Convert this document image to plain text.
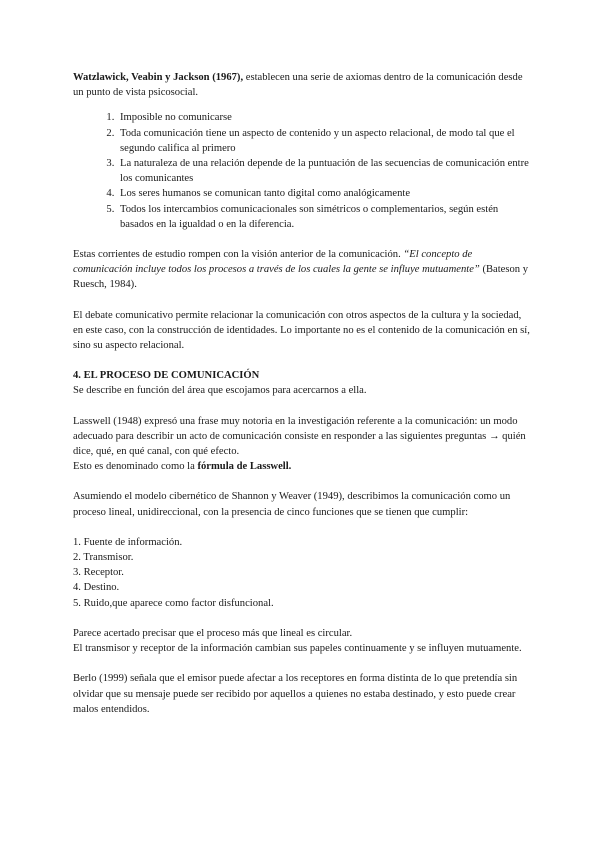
Watzlawick, Veabin y Jackson (1967), establecen una serie de axiomas dentro de la comunicación desde un punto de vista psicosocial.

1. Imposible no comunicarse
2. Toda comunicación tiene un aspecto de contenido y un aspecto relacional, de modo tal que el segundo califica al primero
3. La naturaleza de una relación depende de la puntuación de las secuencias de comunicación entre los comunicantes
4. Los seres humanos se comunican tanto digital como analógicamente
5. Todos los intercambios comunicacionales son simétricos o complementarios, según estén basados en la igualdad o en la diferencia.

Estas corrientes de estudio rompen con la visión anterior de la comunicación. “El concepto de comunicación incluye todos los procesos a través de los cuales la gente se influye mutuamente” (Bateson y Ruesch, 1984).

El debate comunicativo permite relacionar la comunicación con otros aspectos de la cultura y la sociedad, en este caso, con la construcción de identidades. Lo importante no es el contenido de la comunicación en sí, sino su aspecto relacional.

4. EL PROCESO DE COMUNICACIÓN

Se describe en función del área que escojamos para acercarnos a ella.

Lasswell (1948) expresó una frase muy notoria en la investigación referente a la comunicación: un modo adecuado para describir un acto de comunicación consiste en responder a las siguientes preguntas → quién dice, qué, en qué canal, con qué efecto.

Esto es denominado como la fórmula de Lasswell.

Asumiendo el modelo cibernético de Shannon y Weaver (1949), describimos la comunicación como un proceso lineal, unidireccional, con la presencia de cinco funciones que se tienen que cumplir:

1. Fuente de información.

2. Transmisor.

3. Receptor.

4. Destino.

5. Ruido,que aparece como factor disfuncional.

Parece acertado precisar que el proceso más que lineal es circular.

El transmisor y receptor de la información cambian sus papeles continuamente y se influyen mutuamente.

Berlo (1999) señala que el emisor puede afectar a los receptores en forma distinta de lo que pretendía sin olvidar que su mensaje puede ser recibido por aquellos a quienes no estaba destinado, y esto puede crear malos entendidos.
